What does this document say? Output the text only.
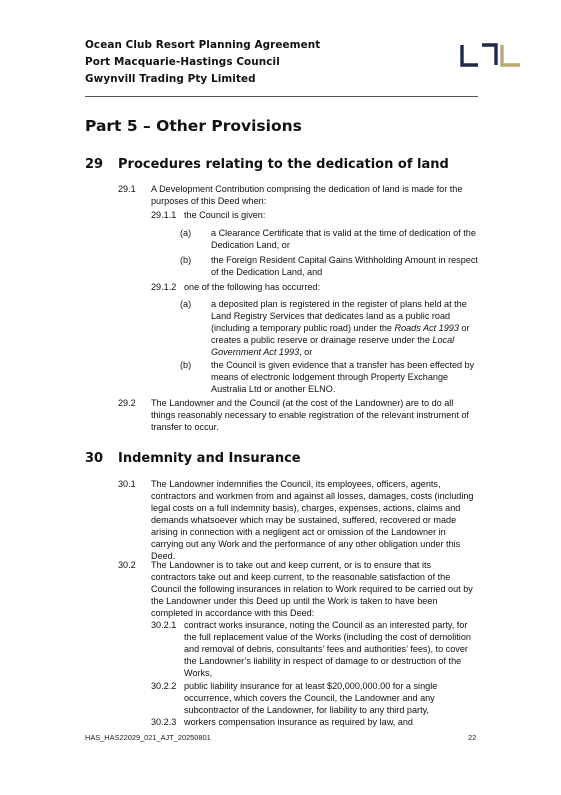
Ocean Club Resort Planning Agreement
Port Macquarie-Hastings Council
Gwynvill Trading Pty Limited
Part 5 – Other Provisions
29 Procedures relating to the dedication of land
29.1 A Development Contribution comprising the dedication of land is made for the purposes of this Deed when:
29.1.1 the Council is given:
(a) a Clearance Certificate that is valid at the time of dedication of the Dedication Land, or
(b) the Foreign Resident Capital Gains Withholding Amount in respect of the Dedication Land, and
29.1.2 one of the following has occurred:
(a) a deposited plan is registered in the register of plans held at the Land Registry Services that dedicates land as a public road (including a temporary public road) under the Roads Act 1993 or creates a public reserve or drainage reserve under the Local Government Act 1993, or
(b) the Council is given evidence that a transfer has been effected by means of electronic lodgement through Property Exchange Australia Ltd or another ELNO.
29.2 The Landowner and the Council (at the cost of the Landowner) are to do all things reasonably necessary to enable registration of the relevant instrument of transfer to occur.
30 Indemnity and Insurance
30.1 The Landowner indemnifies the Council, its employees, officers, agents, contractors and workmen from and against all losses, damages, costs (including legal costs on a full indemnity basis), charges, expenses, actions, claims and demands whatsoever which may be sustained, suffered, recovered or made arising in connection with a negligent act or omission of the Landowner in carrying out any Work and the performance of any other obligation under this Deed.
30.2 The Landowner is to take out and keep current, or is to ensure that its contractors take out and keep current, to the reasonable satisfaction of the Council the following insurances in relation to Work required to be carried out by the Landowner under this Deed up until the Work is taken to have been completed in accordance with this Deed:
30.2.1 contract works insurance, noting the Council as an interested party, for the full replacement value of the Works (including the cost of demolition and removal of debris, consultants’ fees and authorities’ fees), to cover the Landowner’s liability in respect of damage to or destruction of the Works,
30.2.2 public liability insurance for at least $20,000,000.00 for a single occurrence, which covers the Council, the Landowner and any subcontractor of the Landowner, for liability to any third party,
30.2.3 workers compensation insurance as required by law, and
HAS_HAS22029_021_AJT_20250801	22
